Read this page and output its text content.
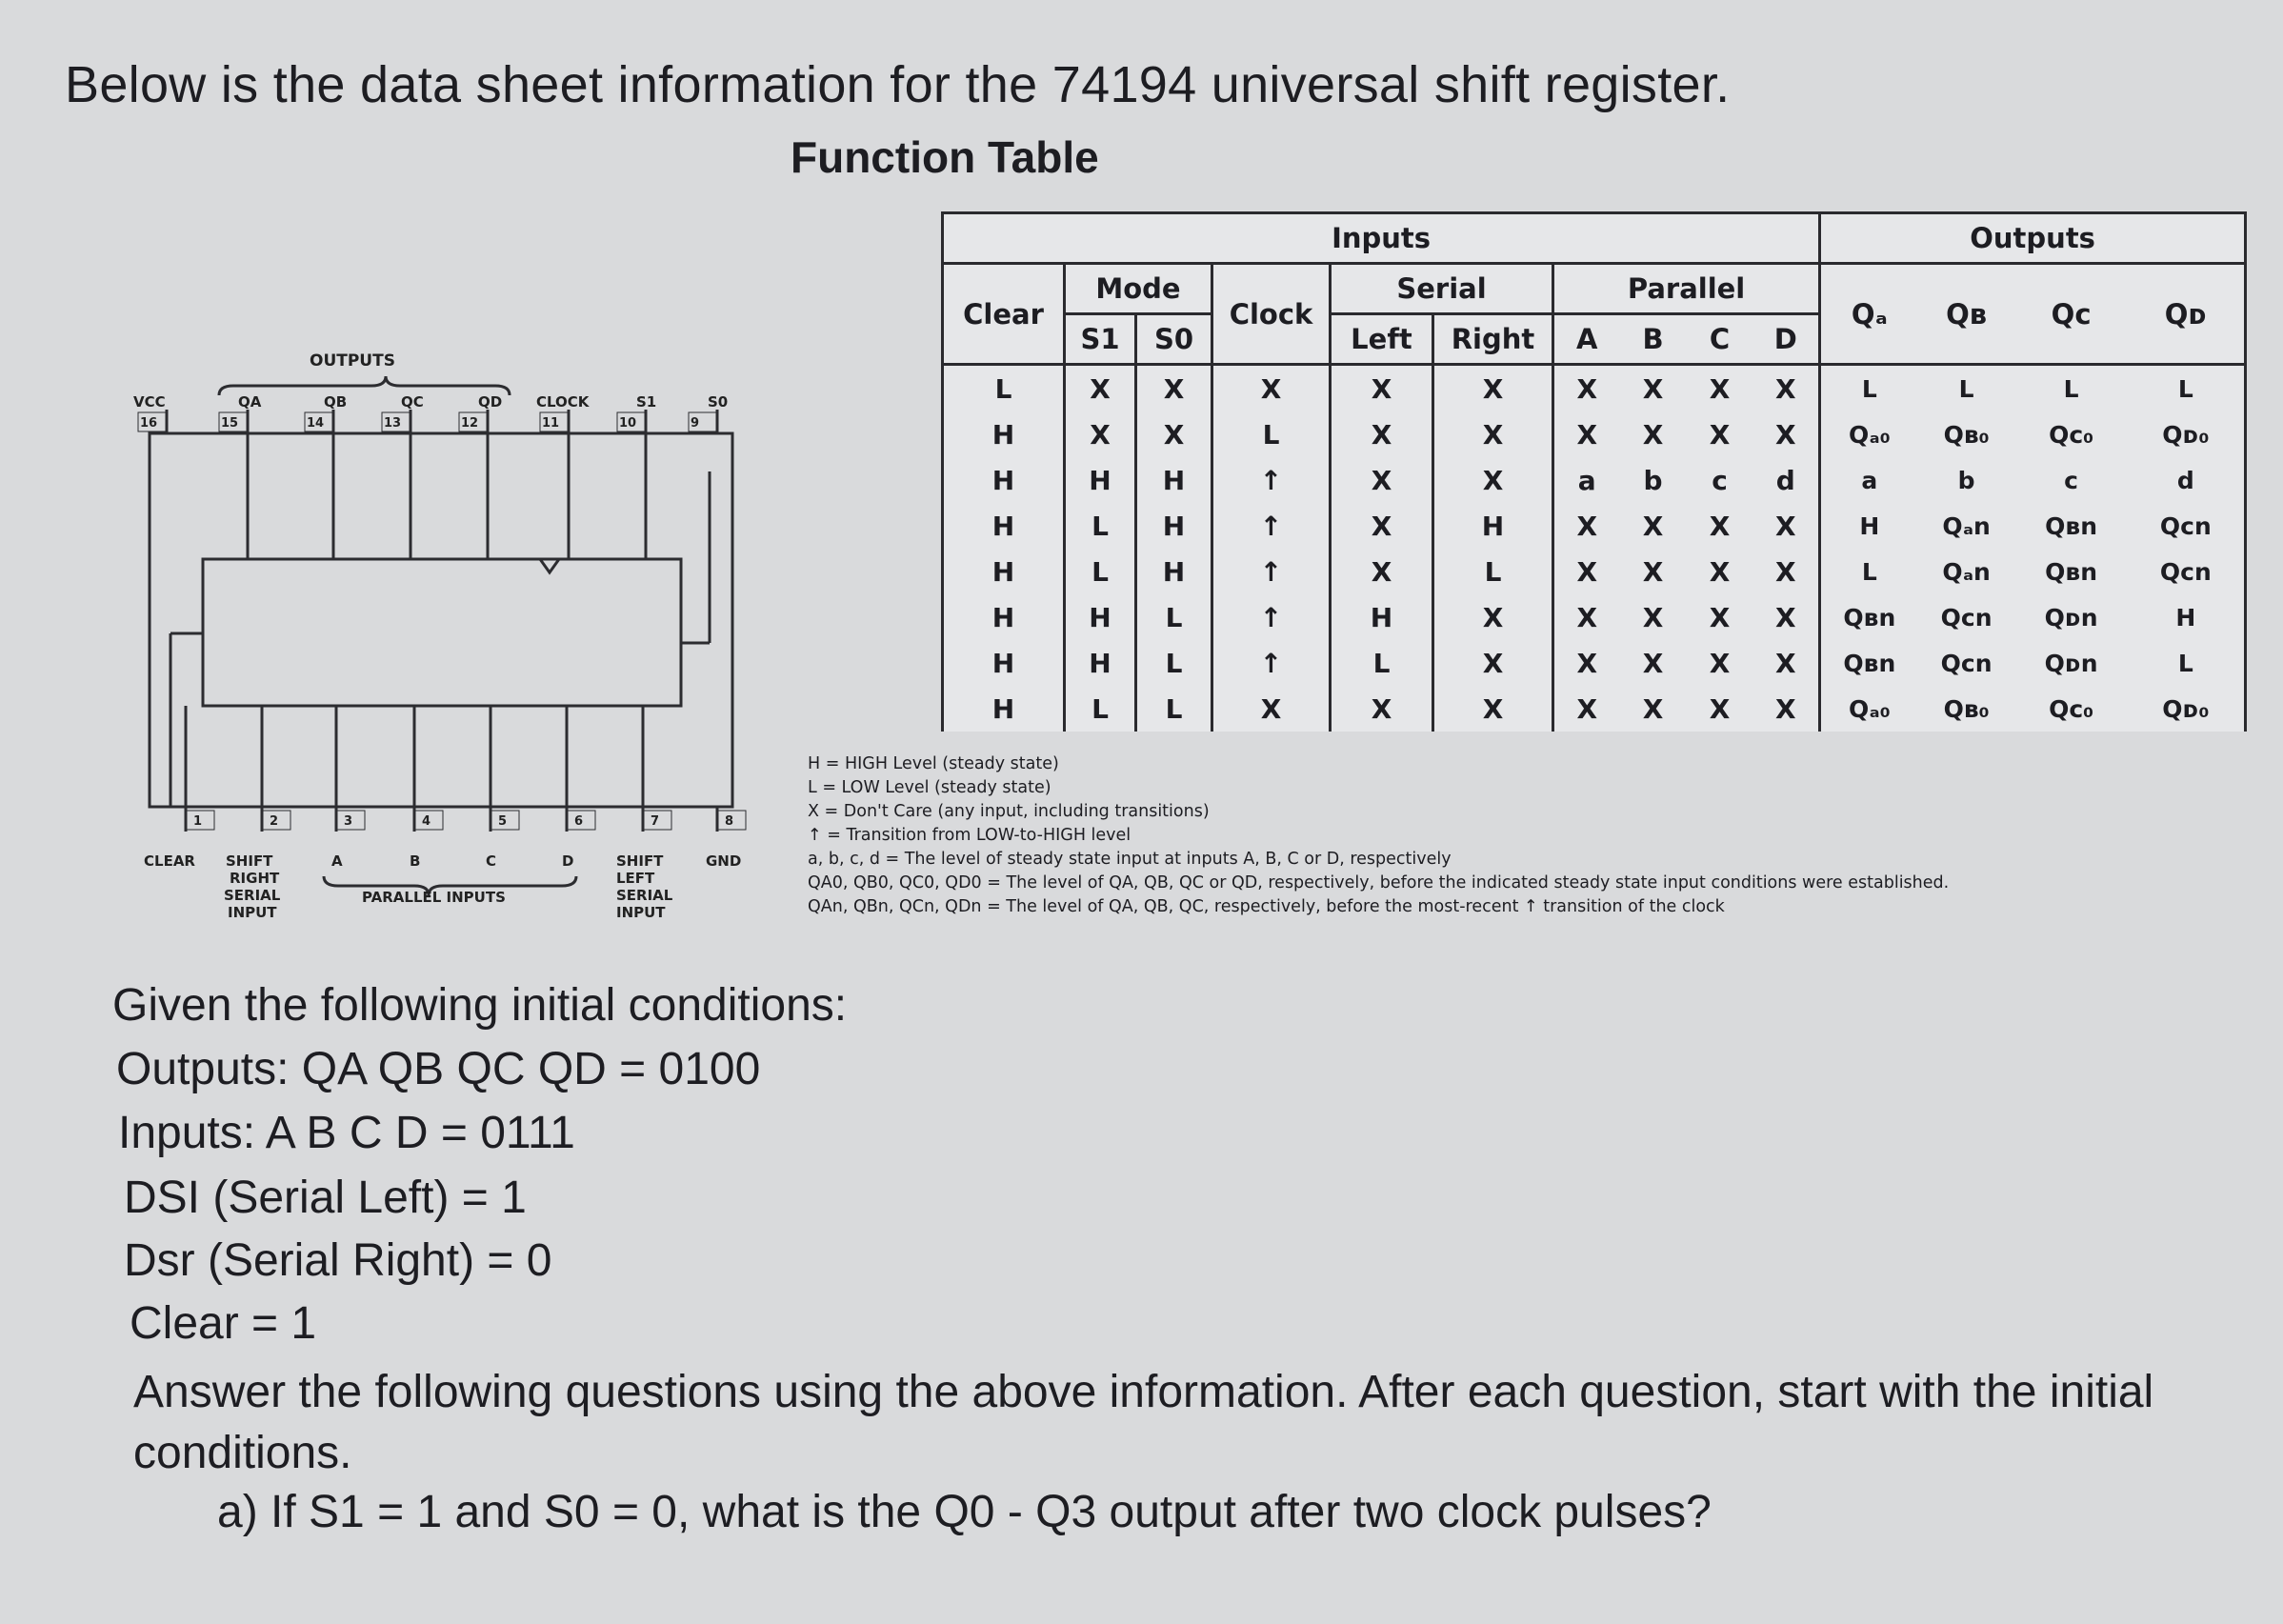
Below is the data sheet information for the 74194 universal shift register.
Function Table
Inputs										Outputs			
Clear	Mode		Clock	Serial		Parallel				Qₐ	Qʙ	Qc	Qᴅ
	S1	S0		Left	Right	A	B	C	D				
L	X	X	X	X	X	X	X	X	X	L	L	L	L
H	X	X	L	X	X	X	X	X	X	Qₐ₀	Qʙ₀	Qc₀	Qᴅ₀
H	H	H	↑	X	X	a	b	c	d	a	b	c	d
H	L	H	↑	X	H	X	X	X	X	H	Qₐn	Qʙn	Qcn
H	L	H	↑	X	L	X	X	X	X	L	Qₐn	Qʙn	Qcn
H	H	L	↑	H	X	X	X	X	X	Qʙn	Qcn	Qᴅn	H
H	H	L	↑	L	X	X	X	X	X	Qʙn	Qcn	Qᴅn	L
H	L	L	X	X	X	X	X	X	X	Qₐ₀	Qʙ₀	Qc₀	Qᴅ₀
H = HIGH Level (steady state)
L = LOW Level (steady state)
X = Don't Care (any input, including transitions)
↑ = Transition from LOW-to-HIGH level
a, b, c, d = The level of steady state input at inputs A, B, C or D, respectively
QA0, QB0, QC0, QD0 = The level of QA, QB, QC or QD, respectively, before the indicated steady state input conditions were established.
QAn, QBn, QCn, QDn = The level of QA, QB, QC, respectively, before the most-recent ↑ transition of the clock
OUTPUTS
VCC
16
QA
15
QB
14
QC
13
QD
12
CLOCK
11
S1
10
S0
9
1
CLEAR
2	3
A
4
B
5
C
6
D
7	8
GND
SHIFT
RIGHT
SERIAL
INPUT
SHIFT
LEFT
SERIAL
INPUT
PARALLEL INPUTS
Given the following initial conditions:
Outputs: QA QB QC QD = 0100
Inputs: A B C D = 0111
DSI (Serial Left) = 1
Dsr (Serial Right) = 0
Clear = 1
Answer the following questions using the above information. After each question, start with the initial conditions.
a) If S1 = 1 and S0 = 0, what is the Q0 - Q3 output after two clock pulses?
